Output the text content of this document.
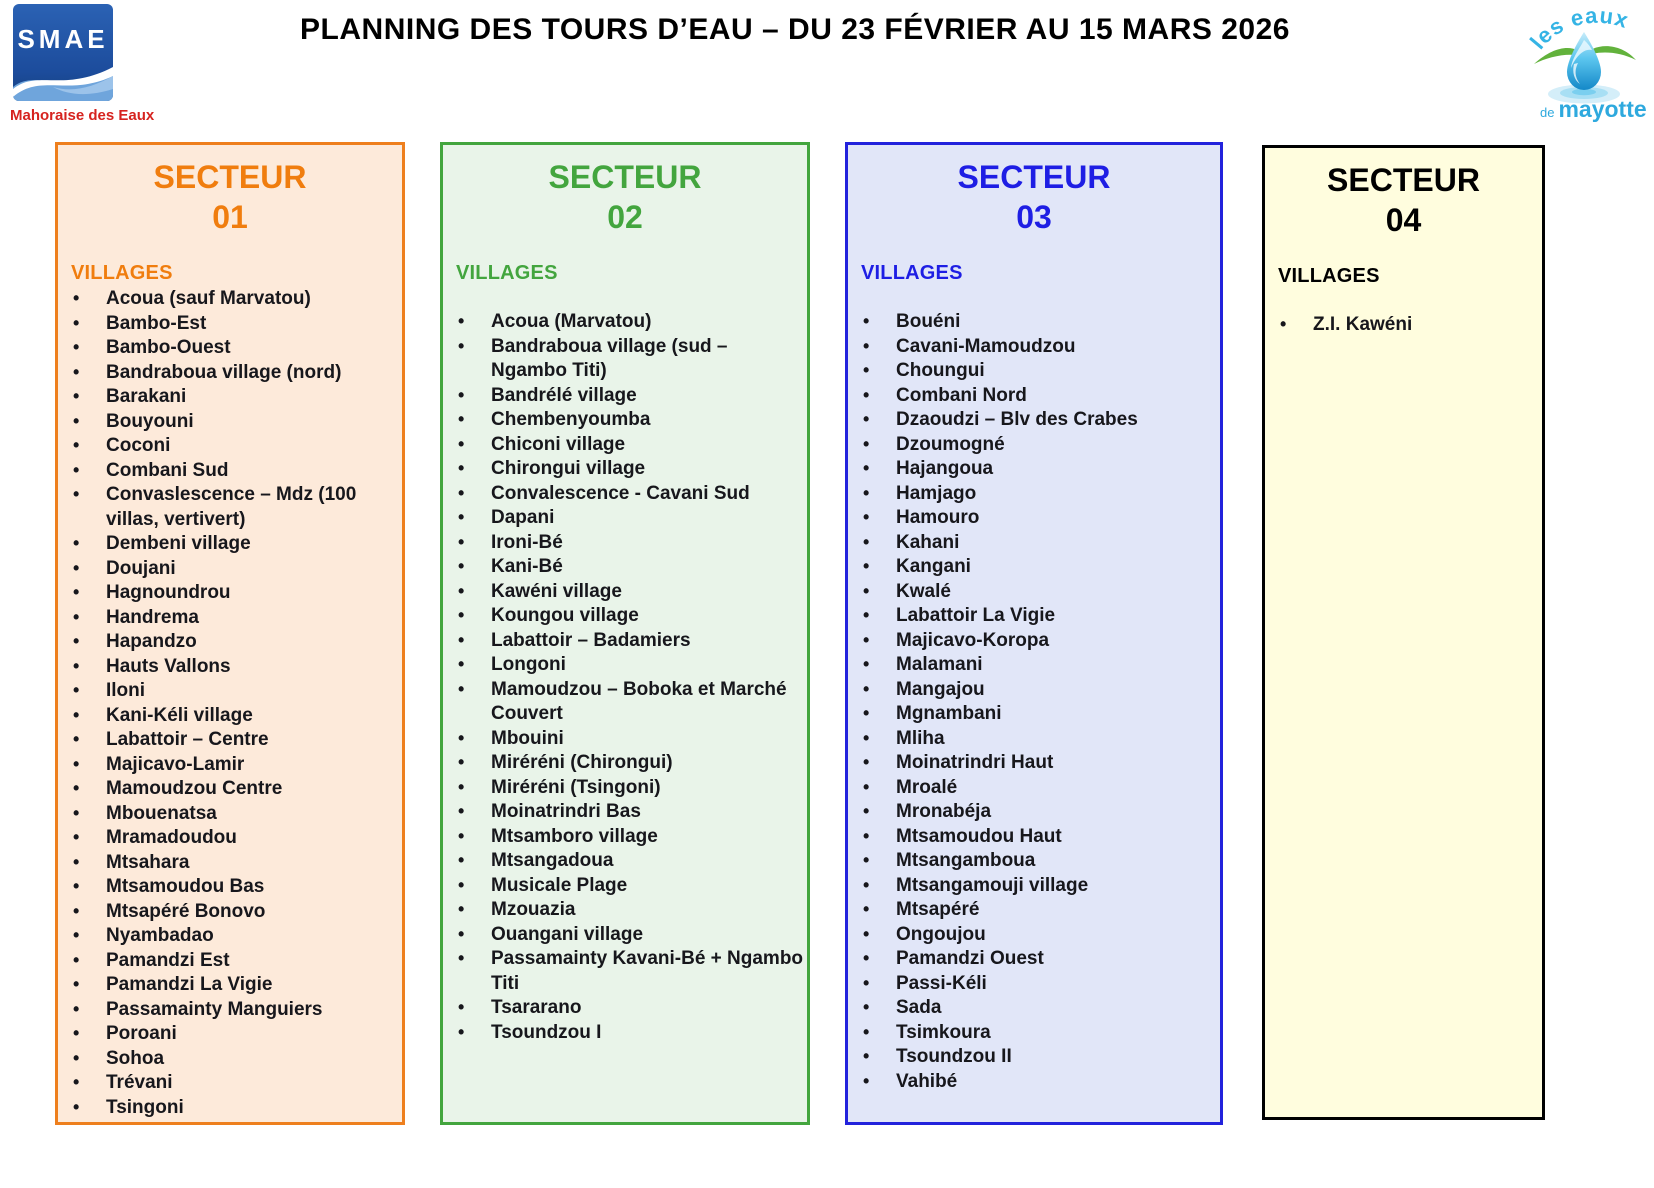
PLANNING DES TOURS D’EAU – DU 23 FÉVRIER AU 15 MARS 2026
SMAE
Mahoraise des Eaux
les eaux
de mayotte
SECTEUR
01
VILLAGES
• Acoua (sauf Marvatou)
• Bambo-Est
• Bambo-Ouest
• Bandraboua village (nord)
• Barakani
• Bouyouni
• Coconi
• Combani Sud
• Convaslescence – Mdz (100 villas, vertivert)
• Dembeni village
• Doujani
• Hagnoundrou
• Handrema
• Hapandzo
• Hauts Vallons
• Iloni
• Kani-Kéli village
• Labattoir – Centre
• Majicavo-Lamir
• Mamoudzou Centre
• Mbouenatsa
• Mramadoudou
• Mtsahara
• Mtsamoudou Bas
• Mtsapéré Bonovo
• Nyambadao
• Pamandzi Est
• Pamandzi La Vigie
• Passamainty Manguiers
• Poroani
• Sohoa
• Trévani
• Tsingoni
SECTEUR
02
VILLAGES
• Acoua (Marvatou)
• Bandraboua village (sud – Ngambo Titi)
• Bandrélé village
• Chembenyoumba
• Chiconi village
• Chirongui village
• Convalescence - Cavani Sud
• Dapani
• Ironi-Bé
• Kani-Bé
• Kawéni village
• Koungou village
• Labattoir – Badamiers
• Longoni
• Mamoudzou – Boboka et Marché Couvert
• Mbouini
• Miréréni (Chirongui)
• Miréréni (Tsingoni)
• Moinatrindri Bas
• Mtsamboro village
• Mtsangadoua
• Musicale Plage
• Mzouazia
• Ouangani village
• Passamainty Kavani-Bé + Ngambo Titi
• Tsararano
• Tsoundzou I
SECTEUR
03
VILLAGES
• Bouéni
• Cavani-Mamoudzou
• Choungui
• Combani Nord
• Dzaoudzi – Blv des Crabes
• Dzoumogné
• Hajangoua
• Hamjago
• Hamouro
• Kahani
• Kangani
• Kwalé
• Labattoir La Vigie
• Majicavo-Koropa
• Malamani
• Mangajou
• Mgnambani
• Mliha
• Moinatrindri Haut
• Mroalé
• Mronabéja
• Mtsamoudou Haut
• Mtsangamboua
• Mtsangamouji village
• Mtsapéré
• Ongoujou
• Pamandzi Ouest
• Passi-Kéli
• Sada
• Tsimkoura
• Tsoundzou II
• Vahibé
SECTEUR
04
VILLAGES
• Z.I. Kawéni
